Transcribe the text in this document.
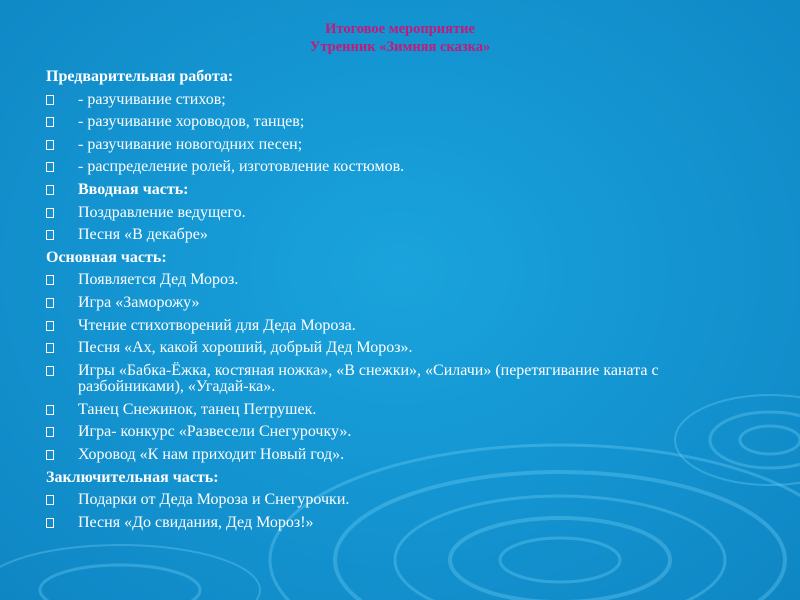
Итоговое мероприятие
Утренник «Зимняя сказка»
Предварительная работа:
- разучивание стихов;
- разучивание хороводов, танцев;
- разучивание новогодних песен;
- распределение ролей, изготовление костюмов.
Вводная часть:
Поздравление ведущего.
Песня «В декабре»
Основная часть:
Появляется Дед Мороз.
Игра «Заморожу»
Чтение стихотворений для Деда Мороза.
Песня «Ах, какой хороший, добрый Дед Мороз».
Игры «Бабка-Ёжка, костяная ножка», «В снежки», «Силачи» (перетягивание каната с разбойниками), «Угадай-ка».
Танец Снежинок, танец Петрушек.
Игра- конкурс «Развесели Снегурочку».
Хоровод «К нам приходит Новый год».
Заключительная часть:
Подарки от Деда Мороза и Снегурочки.
Песня «До свидания, Дед Мороз!»
